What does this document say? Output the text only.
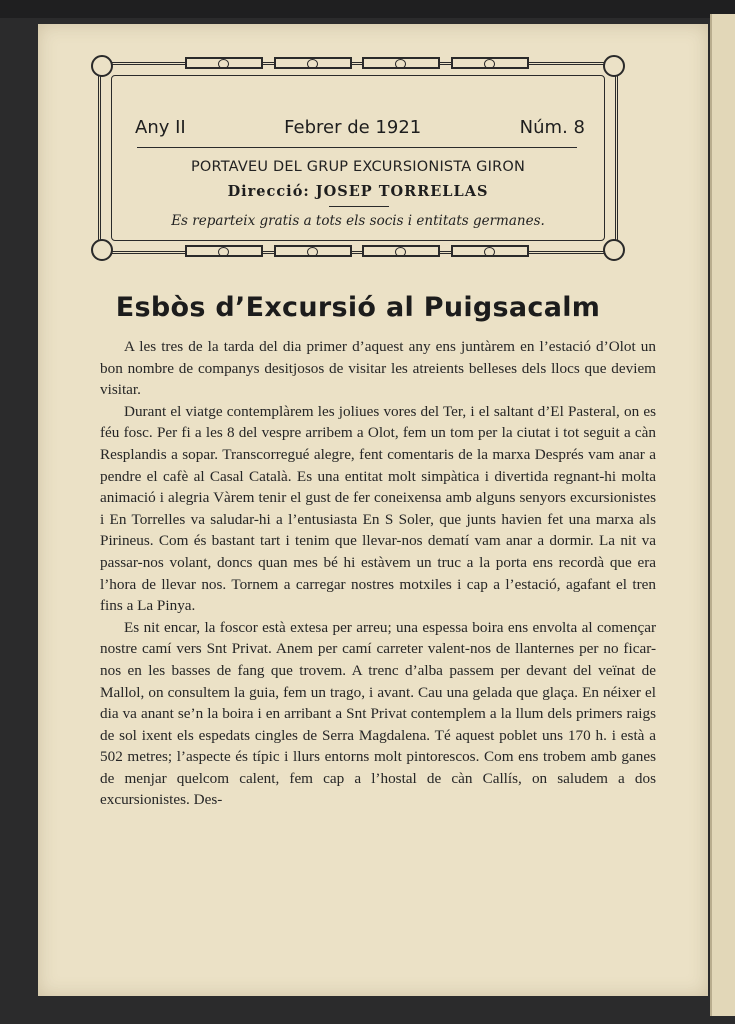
Any II	Febrer de 1921	Núm. 8
PORTAVEU DEL GRUP EXCURSIONISTA GIRON
Direcció: JOSEP TORRELLAS
Es reparteix gratis a tots els socis i entitats germanes.
Esbòs d’Excursió al Puigsacalm

A les tres de la tarda del dia primer d’aquest any ens juntàrem en l’estació d’Olot un bon nombre de companys desitjosos de visitar les atreients belleses dels llocs que deviem visitar.

Durant el viatge contemplàrem les joliues vores del Ter, i el saltant d’El Pasteral, on es féu fosc. Per fi a les 8 del vespre arribem a Olot, fem un tom per la ciutat i tot seguit a càn Resplandis a sopar. Transcorregué alegre, fent comentaris de la marxa Després vam anar a pendre el cafè al Casal Català. Es una entitat molt simpàtica i divertida regnant-hi molta animació i alegria Vàrem tenir el gust de fer coneixensa amb alguns senyors excursionistes i En Torrelles va saludar-hi a l’entusiasta En S Soler, que junts havien fet una marxa als Pirineus. Com és bastant tart i tenim que llevar-nos dematí vam anar a dormir. La nit va passar-nos volant, doncs quan mes bé hi estàvem un truc a la porta ens recordà que era l’hora de llevar nos. Tornem a carregar nostres motxiles i cap a l’estació, agafant el tren fins a La Pinya.

Es nit encar, la foscor està extesa per arreu; una espessa boira ens envolta al començar nostre camí vers Snt Privat. Anem per camí carreter valent-nos de llanternes per no ficar-nos en les basses de fang que trovem. A trenc d’alba passem per devant del veïnat de Mallol, on consultem la guia, fem un trago, i avant. Cau una gelada que glaça. En néixer el dia va anant se’n la boira i en arribant a Snt Privat contemplem a la llum dels primers raigs de sol ixent els espedats cingles de Serra Magdalena. Té aquest poblet uns 170 h. i està a 502 metres; l’aspecte és típic i llurs entorns molt pintorescos. Com ens trobem amb ganes de menjar quelcom calent, fem cap a l’hostal de càn Callís, on saludem a dos excursionistes. Des-
